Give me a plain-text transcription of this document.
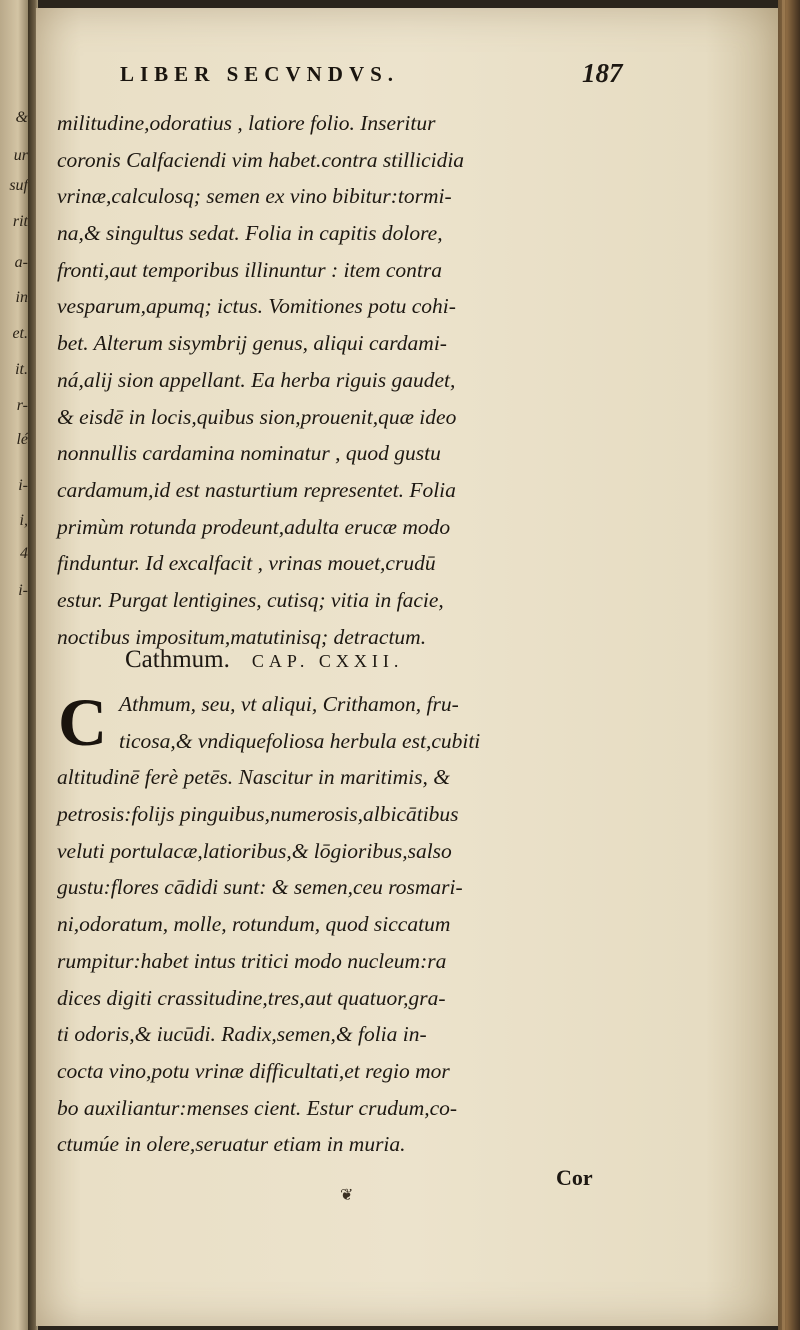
&
ur
suf
rit
a-
in
et.
it.
r-
lé
i-
i,
4
i-
LIBER SECVNDVS.	187
militudine,odoratius , latiore folio. Inseritur
coronis Calfaciendi vim habet.contra stillicidia
vrinæ,calculosq; semen ex vino bibitur:tormi-
na,& singultus sedat. Folia in capitis dolore,
fronti,aut temporibus illinuntur : item contra
vesparum,apumq; ictus. Vomitiones potu cohi-
bet. Alterum sisymbrij genus, aliqui cardami-
ná,alij sion appellant. Ea herba riguis gaudet,
& eisdē in locis,quibus sion,prouenit,quæ ideo
nonnullis cardamina nominatur , quod gustu
cardamum,id est nasturtium representet. Folia
primùm rotunda prodeunt,adulta erucæ modo
finduntur. Id excalfacit , vrinas mouet,crudū
estur. Purgat lentigines, cutisq; vitia in facie,
noctibus impositum,matutinisq; detractum.
Cathmum. CAP. CXXII.
C Athmum, seu, vt aliqui, Crithamon, fru-
ticosa,& vndiquefoliosa herbula est,cubiti
altitudinē ferè petēs. Nascitur in maritimis, &
petrosis:folijs pinguibus,numerosis,albicātibus
veluti portulacæ,latioribus,& lōgioribus,salso
gustu:flores cādidi sunt: & semen,ceu rosmari-
ni,odoratum, molle, rotundum, quod siccatum
rumpitur:habet intus tritici modo nucleum:ra
dices digiti crassitudine,tres,aut quatuor,gra-
ti odoris,& iucūdi. Radix,semen,& folia in-
cocta vino,potu vrinæ difficultati,et regio mor
bo auxiliantur:menses cient. Estur crudum,co-
ctumúe in olere,seruatur etiam in muria.
Cor
❦
